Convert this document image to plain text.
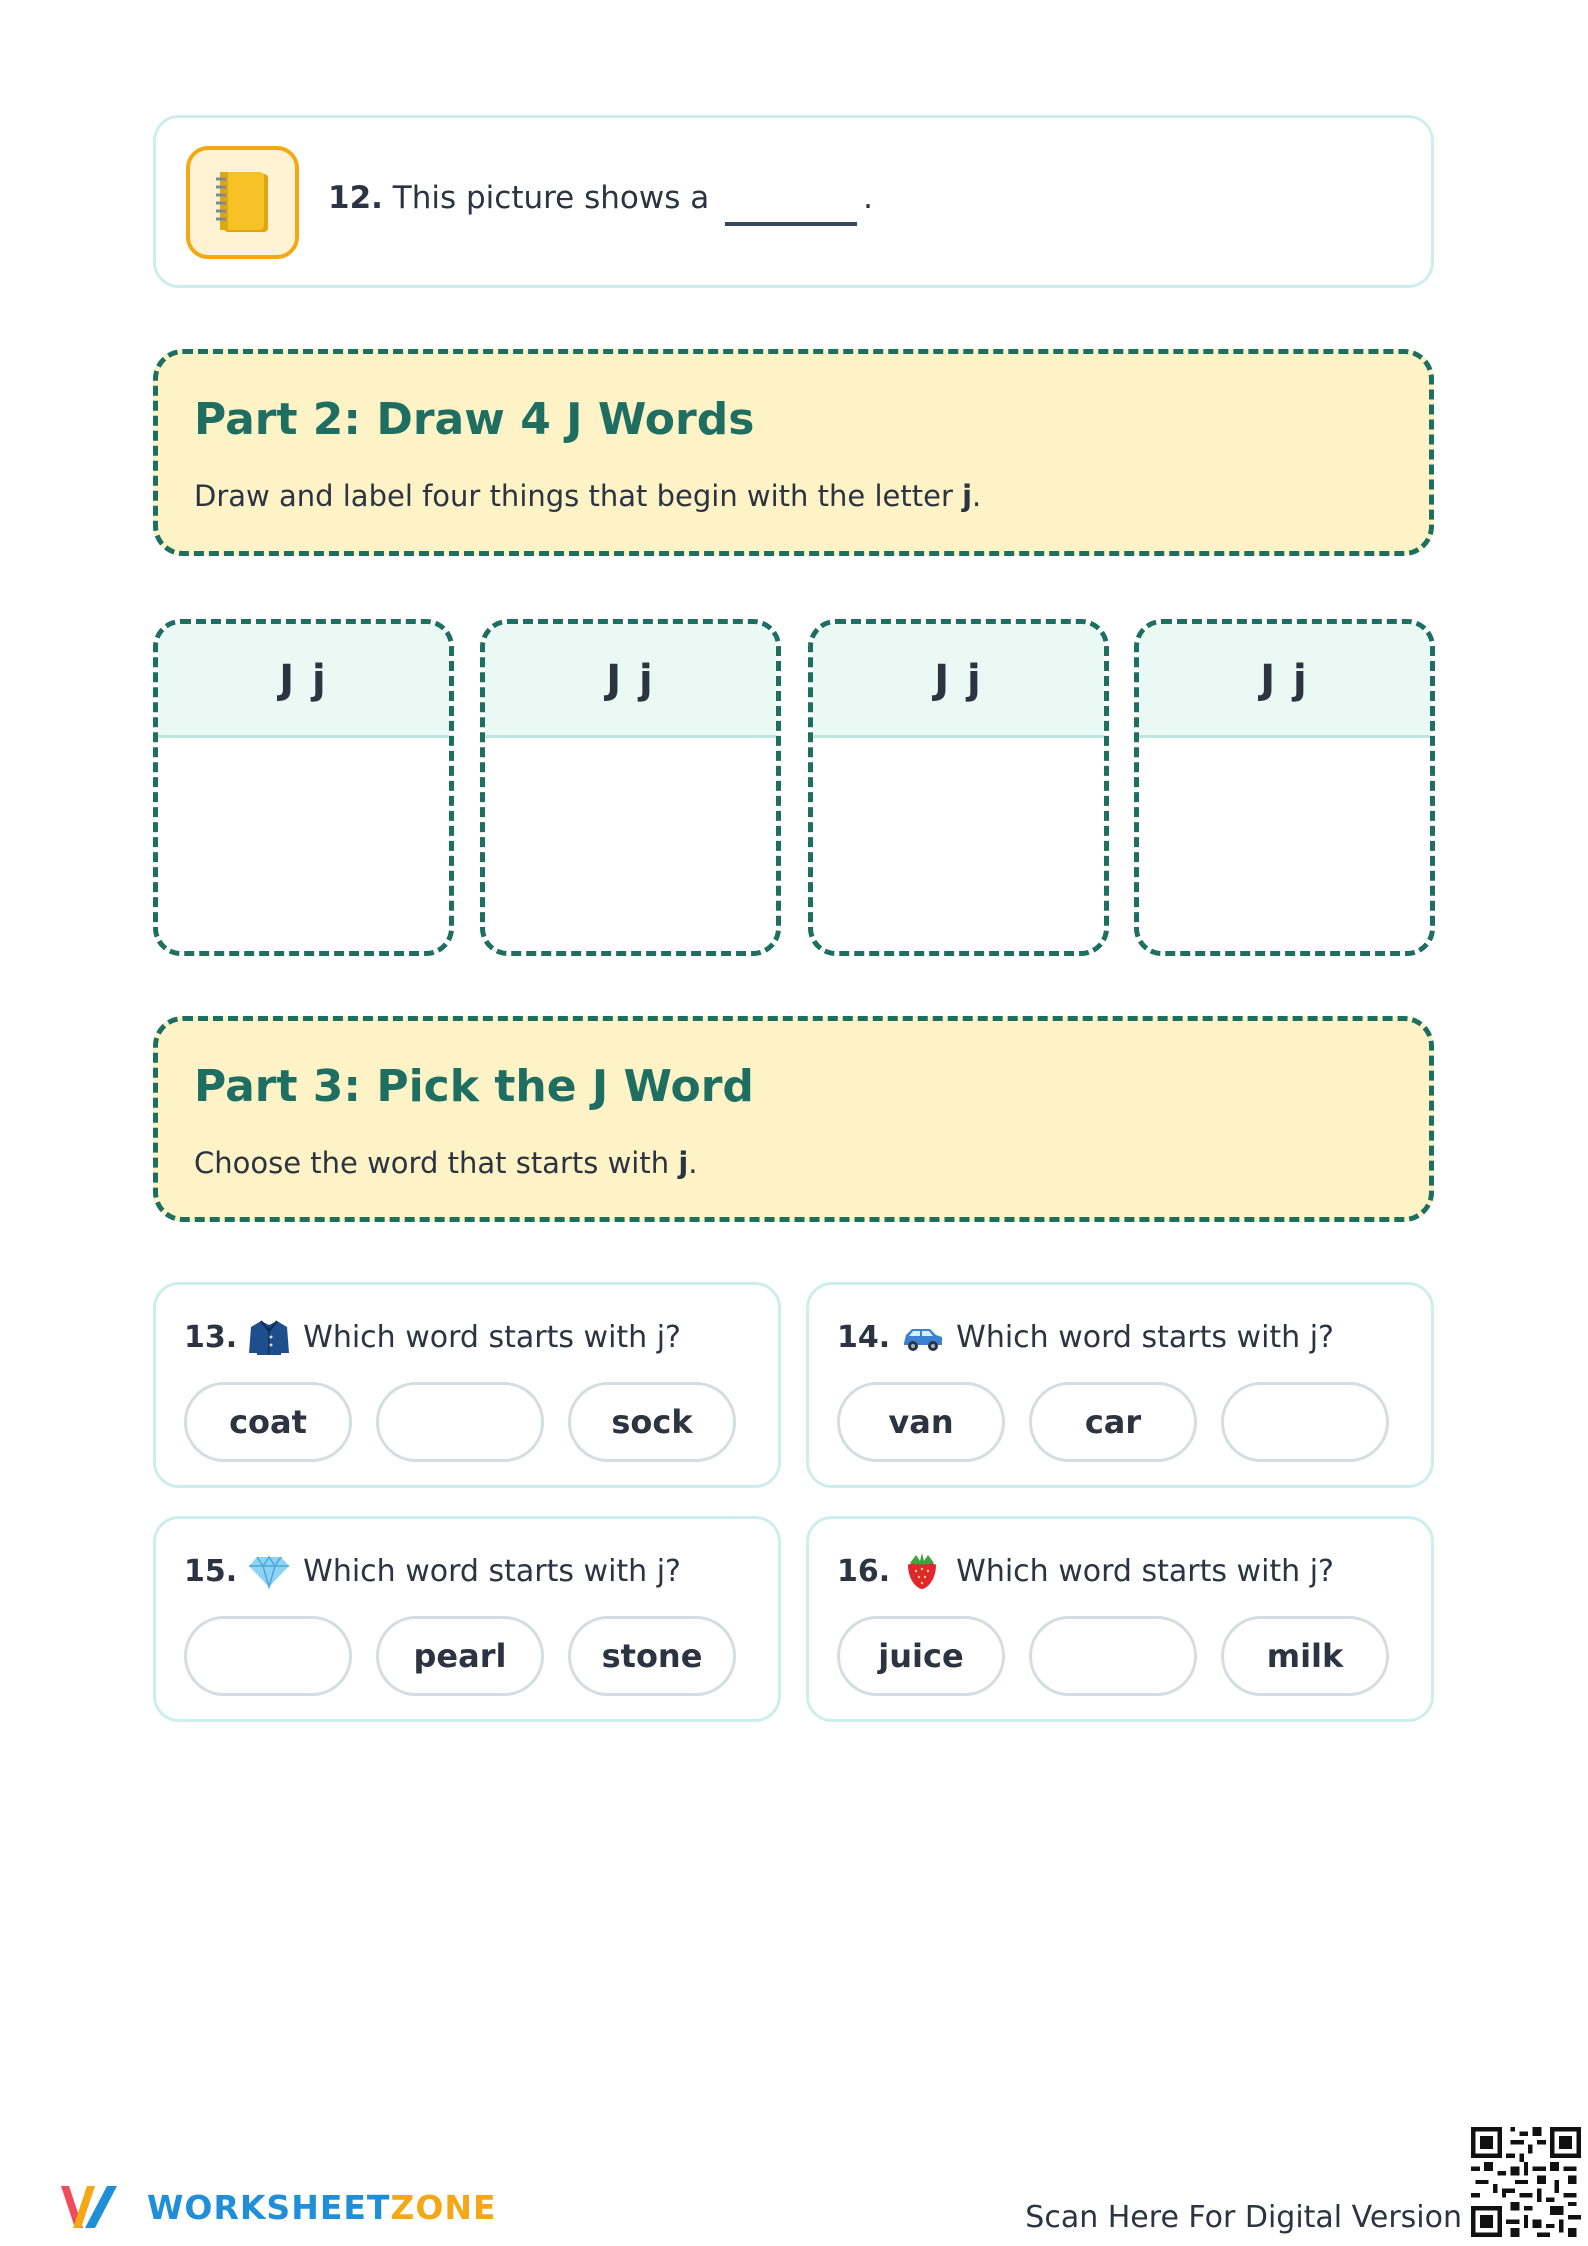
12. This picture shows a	.
Part 2: Draw 4 J Words
Draw and label four things that begin with the letter j.
J j	J j	J j	J j
Part 3: Pick the J Word
Choose the word that starts with j.
13. Which word starts with j?
coat	sock
14. Which word starts with j?
van	car
15. Which word starts with j?
pearl	stone
16. Which word starts with j?
juice	milk
WORKSHEETZONE	Scan Here For Digital Version
